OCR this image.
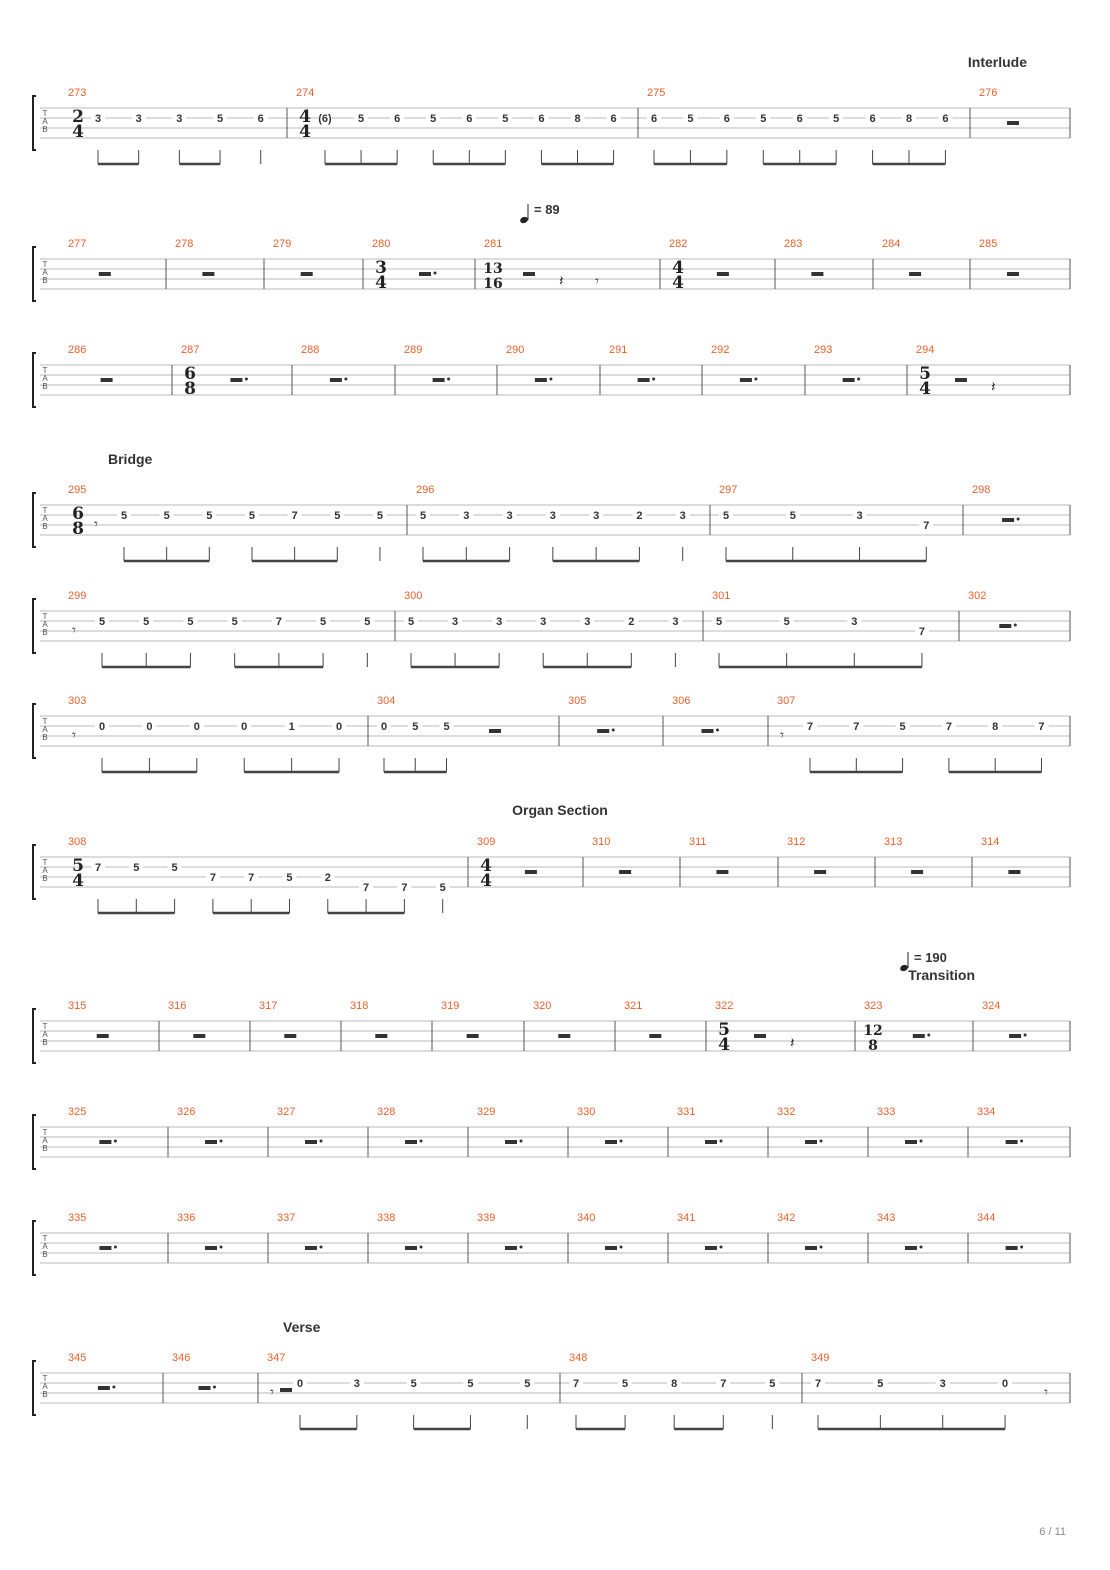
T
A
B
Interlude
273
2
4
3	3	3	5	6
274
4
4
(6) 5	6	5	6	5	6	8	6
275
6	5	6	5	6	5	6	8	6
276
T
A
B
= 89
277	278	279	280
3
4
281
13
16	𝄽 𝄾
282
4
4
283	284	285
T
A
B
286	287
6
8
288	289	290	291	292	293	294
5
4	𝄽
T
A
B
Bridge
295
6
8 𝄾 5	5	5	5	7	5	5
296
5	3	3	3	3	2	3
297
5	5	3
7
298
T
A
B
299
𝄾 5	5	5	5	7	5	5
300
5	3	3	3	3	2	3
301
5	5	3
7
302
T
A
B
303
𝄾 0	0	0	0	1	0
304
0 5 5
305	306	307
𝄾 7	7	5	7	8	7
T
A
B
Organ Section
308
5
4
7	5	5
7	7	5	2
7	7	5
309
4
4
310	311	312	313	314
T
A
B
Transition
= 190
315	316	317	318	319	320	321	322
5
4	𝄽
323
12
8
324
T
A
B
325	326	327	328	329	330	331	332	333	334
T
A
B
335	336	337	338	339	340	341	342	343	344
T
A
B
Verse
345	346	347
𝄾 0	3	5	5	5
348
7	5	8	7	5
349
7	5	3	0 𝄾
6 / 11
